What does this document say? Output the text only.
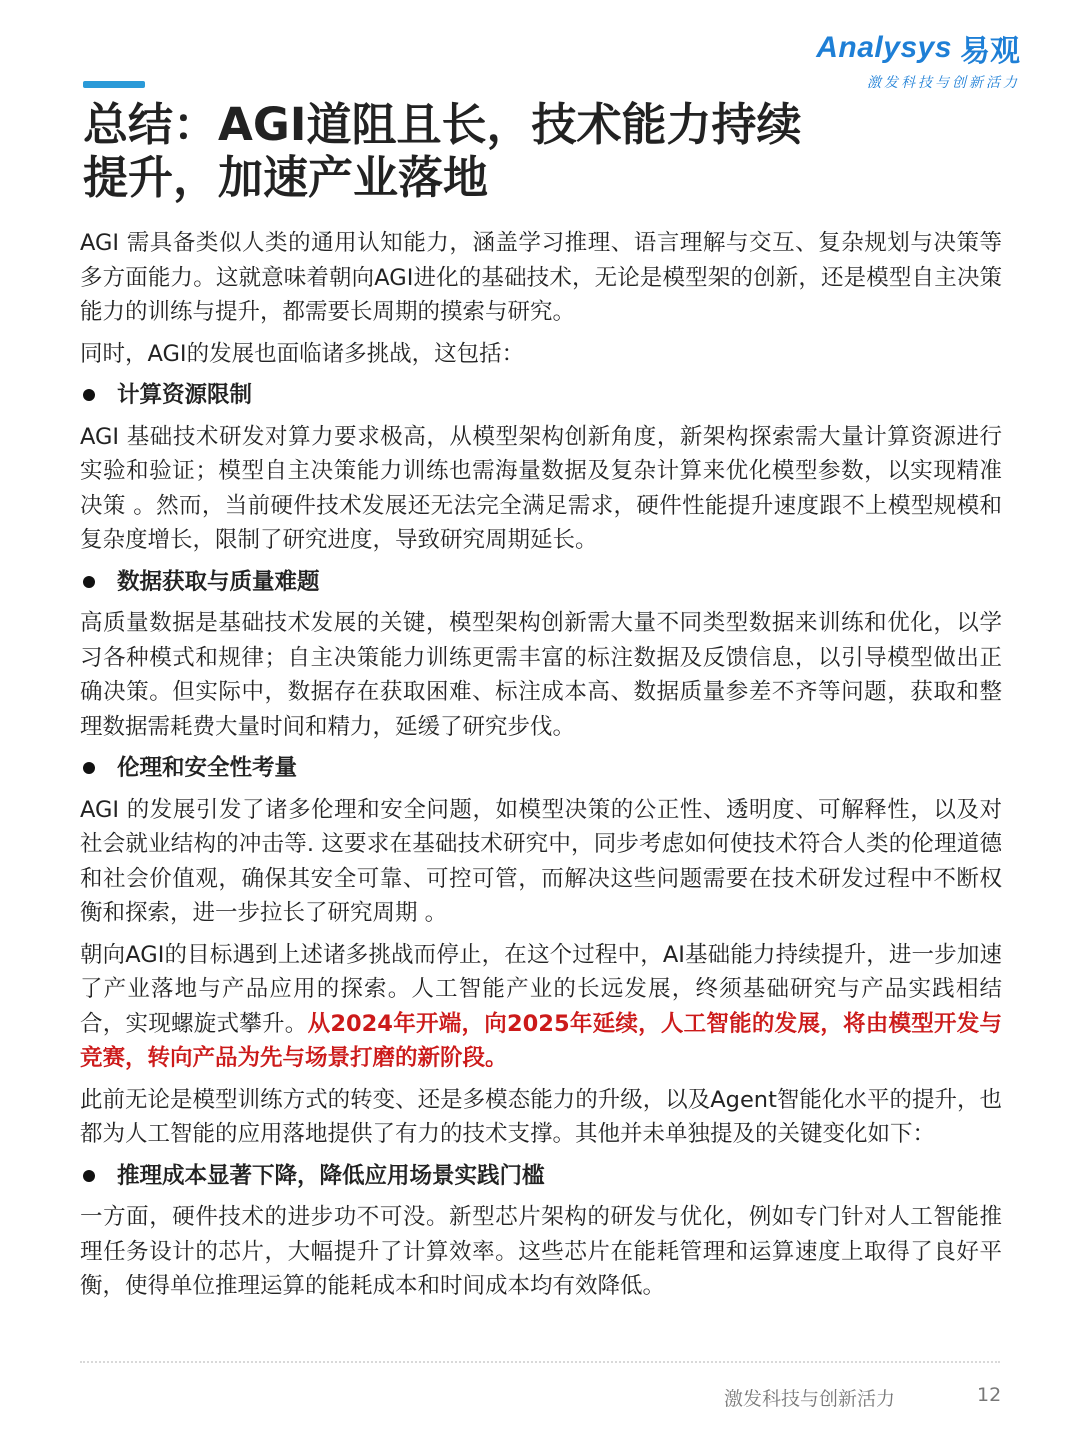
Analysys 易观
激发科技与创新活力
总结：AGI道阻且长，技术能力持续提升，加速产业落地

AGI 需具备类似人类的通用认知能力，涵盖学习推理、语言理解与交互、复杂规划与决策等多方面能力。这就意味着朝向AGI进化的基础技术，无论是模型架的创新，还是模型自主决策能力的训练与提升，都需要长周期的摸索与研究。

同时，AGI的发展也面临诸多挑战，这包括：

计算资源限制

AGI 基础技术研发对算力要求极高，从模型架构创新角度，新架构探索需大量计算资源进行实验和验证；模型自主决策能力训练也需海量数据及复杂计算来优化模型参数，以实现精准决策 。然而，当前硬件技术发展还无法完全满足需求，硬件性能提升速度跟不上模型规模和复杂度增长，限制了研究进度，导致研究周期延长。

数据获取与质量难题

高质量数据是基础技术发展的关键，模型架构创新需大量不同类型数据来训练和优化，以学习各种模式和规律；自主决策能力训练更需丰富的标注数据及反馈信息，以引导模型做出正确决策。但实际中，数据存在获取困难、标注成本高、数据质量参差不齐等问题，获取和整理数据需耗费大量时间和精力，延缓了研究步伐。

伦理和安全性考量

AGI 的发展引发了诸多伦理和安全问题，如模型决策的公正性、透明度、可解释性，以及对社会就业结构的冲击等. 这要求在基础技术研究中，同步考虑如何使技术符合人类的伦理道德和社会价值观，确保其安全可靠、可控可管，而解决这些问题需要在技术研发过程中不断权衡和探索，进一步拉长了研究周期 。

朝向AGI的目标遇到上述诸多挑战而停止，在这个过程中，AI基础能力持续提升，进一步加速了产业落地与产品应用的探索。人工智能产业的长远发展，终须基础研究与产品实践相结合，实现螺旋式攀升。从2024年开端，向2025年延续，人工智能的发展，将由模型开发与竞赛，转向产品为先与场景打磨的新阶段。

此前无论是模型训练方式的转变、还是多模态能力的升级，以及Agent智能化水平的提升，也都为人工智能的应用落地提供了有力的技术支撑。其他并未单独提及的关键变化如下：

推理成本显著下降，降低应用场景实践门槛

一方面，硬件技术的进步功不可没。新型芯片架构的研发与优化，例如专门针对人工智能推理任务设计的芯片，大幅提升了计算效率。这些芯片在能耗管理和运算速度上取得了良好平衡，使得单位推理运算的能耗成本和时间成本均有效降低。

激发科技与创新活力	12
